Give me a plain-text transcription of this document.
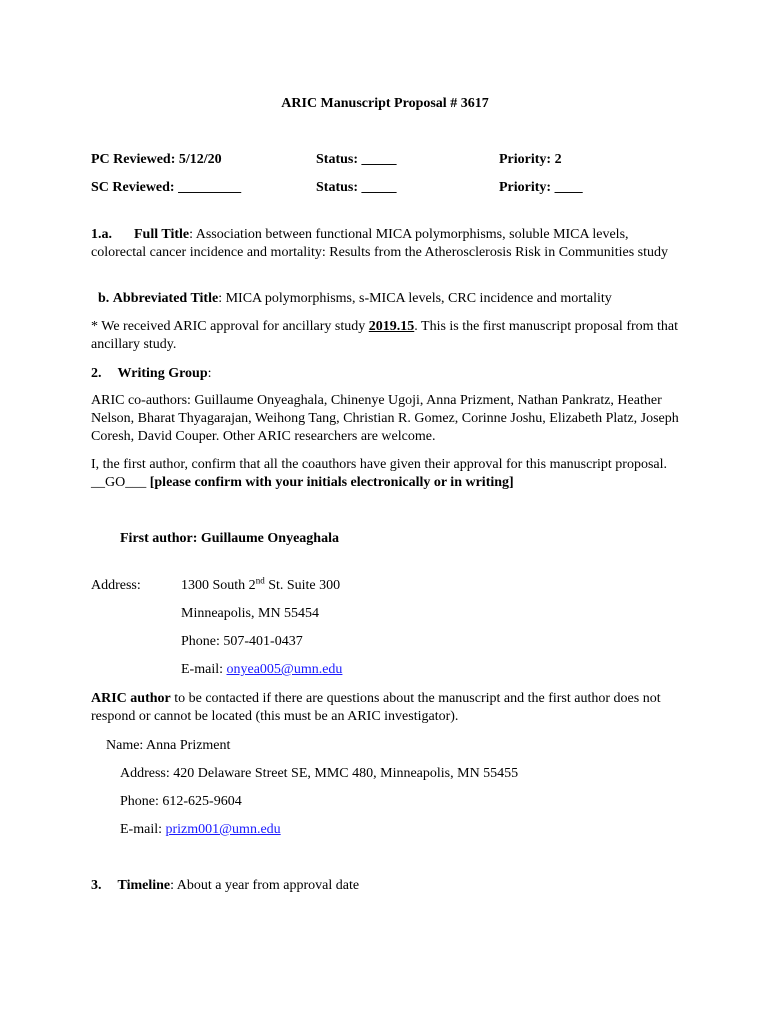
ARIC Manuscript Proposal # 3617
PC Reviewed: 5/12/20	Status: _____	Priority: 2
SC Reviewed: _________	Status: _____	Priority: ____
1.a. Full Title: Association between functional MICA polymorphisms, soluble MICA levels, colorectal cancer incidence and mortality: Results from the Atherosclerosis Risk in Communities study
b. Abbreviated Title: MICA polymorphisms, s-MICA levels, CRC incidence and mortality
* We received ARIC approval for ancillary study 2019.15. This is the first manuscript proposal from that ancillary study.
2. Writing Group:
ARIC co-authors: Guillaume Onyeaghala, Chinenye Ugoji, Anna Prizment, Nathan Pankratz, Heather Nelson, Bharat Thyagarajan, Weihong Tang, Christian R. Gomez, Corinne Joshu, Elizabeth Platz, Joseph Coresh, David Couper. Other ARIC researchers are welcome.
I, the first author, confirm that all the coauthors have given their approval for this manuscript proposal. __GO___ [please confirm with your initials electronically or in writing]
First author: Guillaume Onyeaghala
Address:	1300 South 2nd St. Suite 300
Minneapolis, MN 55454
Phone: 507-401-0437
E-mail: onyea005@umn.edu
ARIC author to be contacted if there are questions about the manuscript and the first author does not respond or cannot be located (this must be an ARIC investigator).
Name: Anna Prizment
Address: 420 Delaware Street SE, MMC 480, Minneapolis, MN 55455
Phone: 612-625-9604
E-mail: prizm001@umn.edu
3. Timeline: About a year from approval date
